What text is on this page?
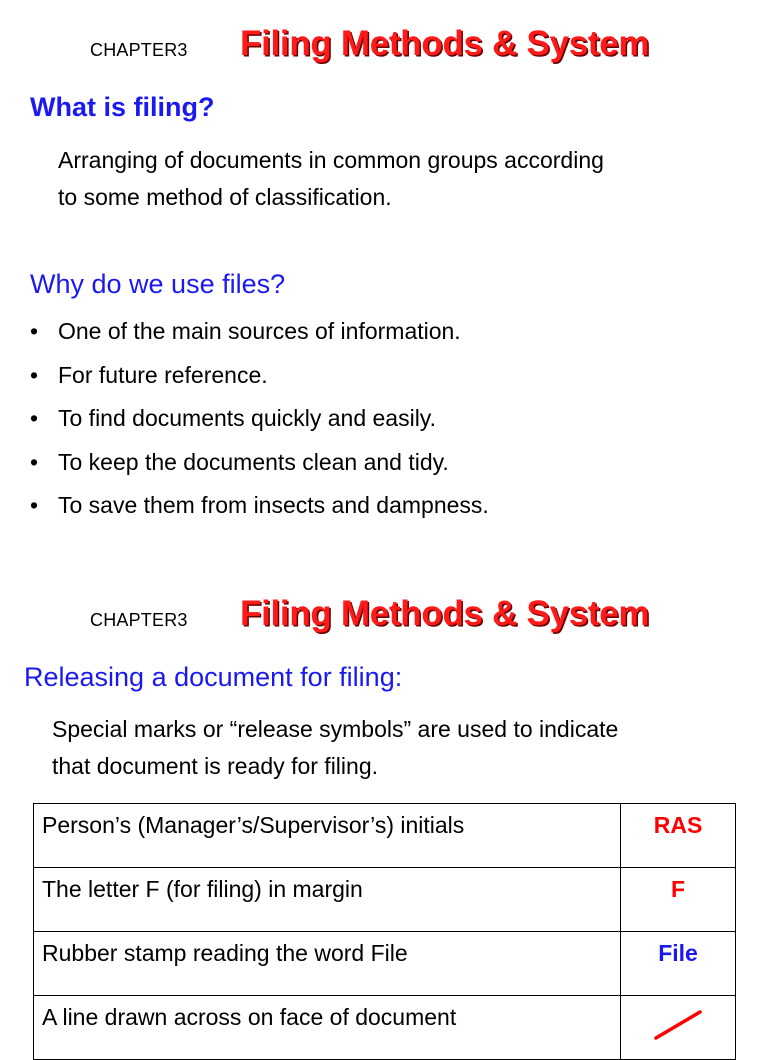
CHAPTER3 Filing Methods & System
What is filing?
Arranging of documents in common groups according
to some method of classification.
Why do we use files?
• One of the main sources of information.
• For future reference.
• To find documents quickly and easily.
• To keep the documents clean and tidy.
• To save them from insects and dampness.
CHAPTER3 Filing Methods & System
Releasing a document for filing:
Special marks or “release symbols” are used to indicate
that document is ready for filing.
Person’s (Manager’s/Supervisor’s) initials	RAS
The letter F (for filing) in margin	F
Rubber stamp reading the word File	File
A line drawn across on face of document	
